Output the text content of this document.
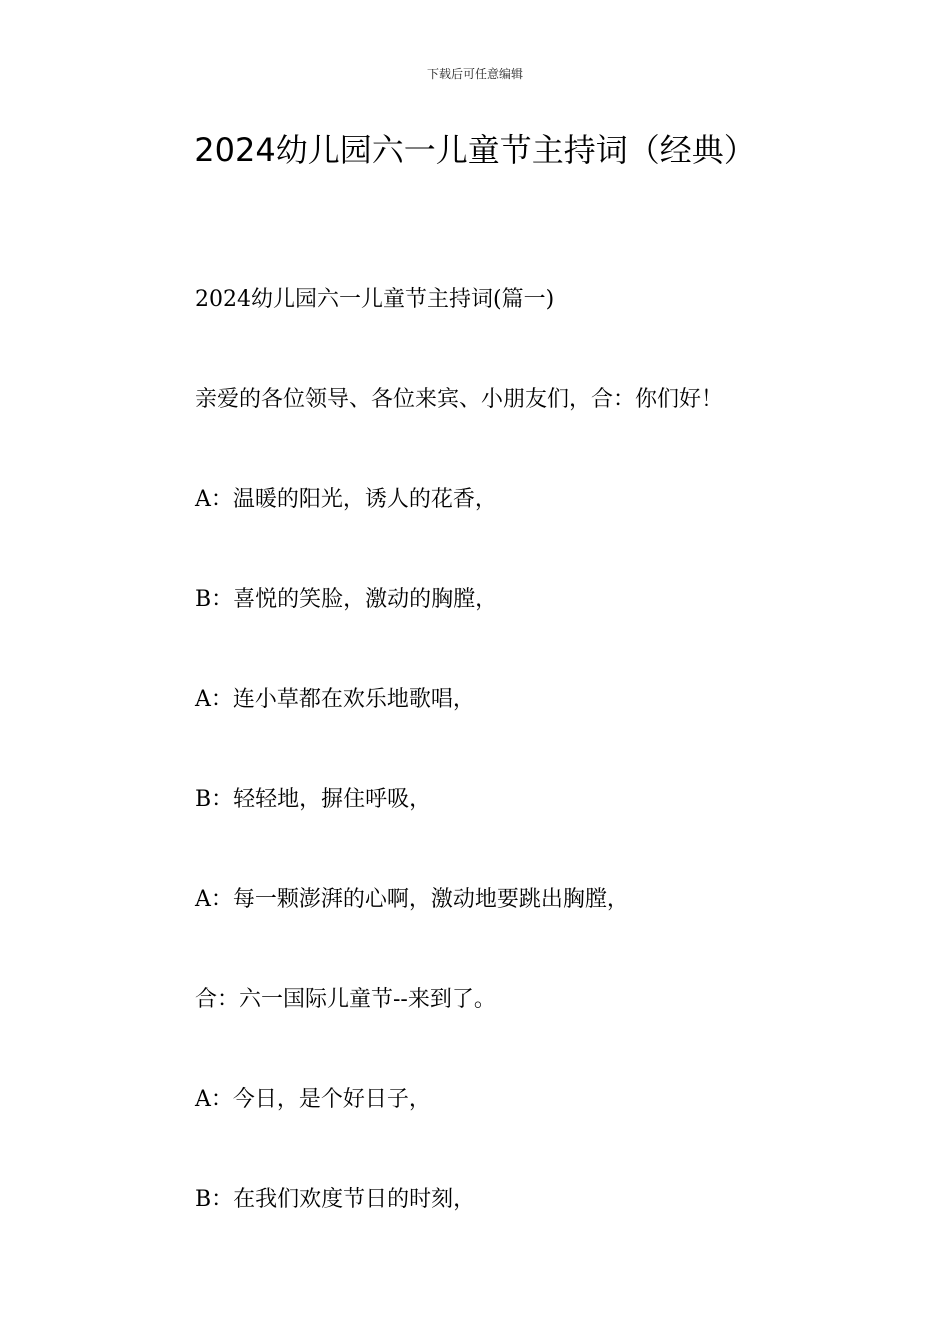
下载后可任意编辑
2024幼儿园六一儿童节主持词（经典）
2024幼儿园六一儿童节主持词(篇一)
亲爱的各位领导、各位来宾、小朋友们，合：你们好！
A：温暖的阳光，诱人的花香，
B：喜悦的笑脸，激动的胸膛，
A：连小草都在欢乐地歌唱，
B：轻轻地，摒住呼吸，
A：每一颗澎湃的心啊，激动地要跳出胸膛，
合：六一国际儿童节--来到了。
A：今日，是个好日子，
B：在我们欢度节日的时刻，
